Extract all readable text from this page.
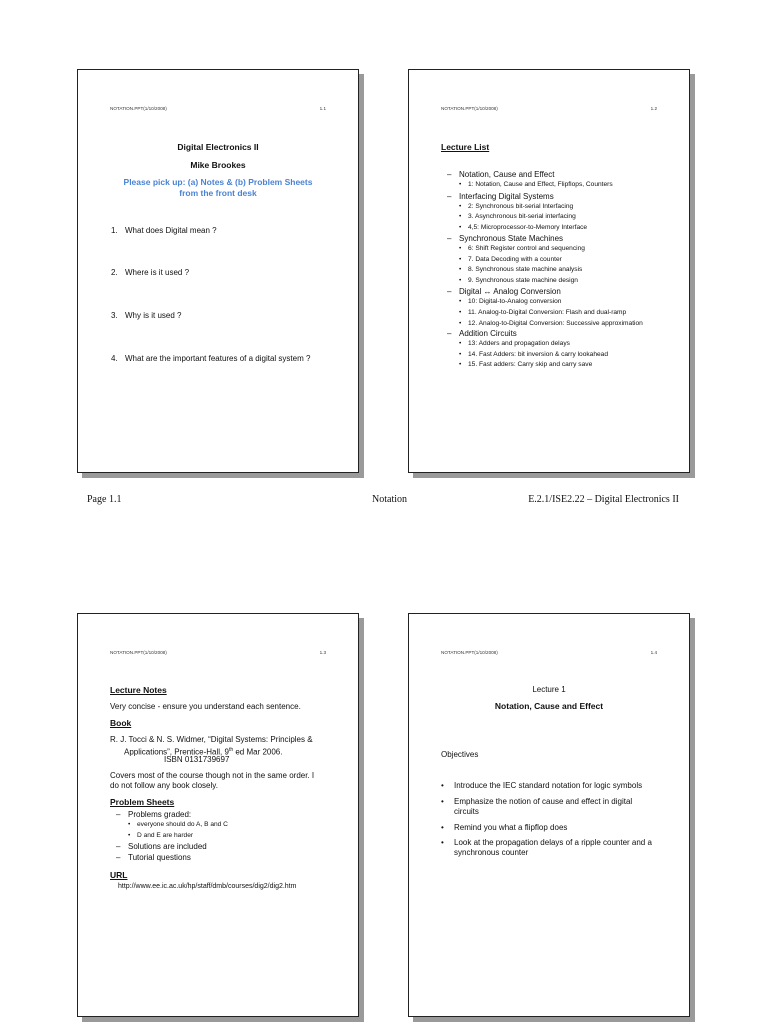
NOTATION.PPT(1/10/2008)	1.1
Digital Electronics II
Mike Brookes
Please pick up: (a) Notes & (b) Problem Sheets
from the front desk
1. What does Digital mean ?
2. Where is it used ?
3. Why is it used ?
4. What are the important features of a digital system ?
NOTATION.PPT(1/10/2008)	1.2
Lecture List
– Notation, Cause and Effect
• 1: Notation, Cause and Effect, Flipflops, Counters
– Interfacing Digital Systems
• 2: Synchronous bit-serial Interfacing
• 3. Asynchronous bit-serial interfacing
• 4,5: Microprocessor-to-Memory Interface
– Synchronous State Machines
• 6: Shift Register control and sequencing
• 7. Data Decoding with a counter
• 8. Synchronous state machine analysis
• 9. Synchronous state machine design
– Digital ↔ Analog Conversion
• 10: Digital-to-Analog conversion
• 11. Analog-to-Digital Conversion: Flash and dual-ramp
• 12. Analog-to-Digital Conversion: Successive approximation
– Addition Circuits
• 13: Adders and propagation delays
• 14. Fast Adders: bit inversion & carry lookahead
• 15. Fast adders: Carry skip and carry save
NOTATION.PPT(1/10/2008)	1.3
Lecture Notes
Very concise - ensure you understand each sentence.
Book
R. J. Tocci & N. S. Widmer, “Digital Systems: Principles &
Applications”, Prentice-Hall, 9th ed Mar 2006.
ISBN 0131739697
Covers most of the course though not in the same order. I
do not follow any book closely.
Problem Sheets
– Problems graded:
• everyone should do A, B and C
• D and E are harder
– Solutions are included
– Tutorial questions
URL
http://www.ee.ic.ac.uk/hp/staff/dmb/courses/dig2/dig2.htm
NOTATION.PPT(1/10/2008)	1.4
Lecture 1
Notation, Cause and Effect
Objectives
• Introduce the IEC standard notation for logic symbols
• Emphasize the notion of cause and effect in digital circuits
• Remind you what a flipflop does
• Look at the propagation delays of a ripple counter and a synchronous counter
Page 1.1	Notation	E.2.1/ISE2.22 – Digital Electronics II
